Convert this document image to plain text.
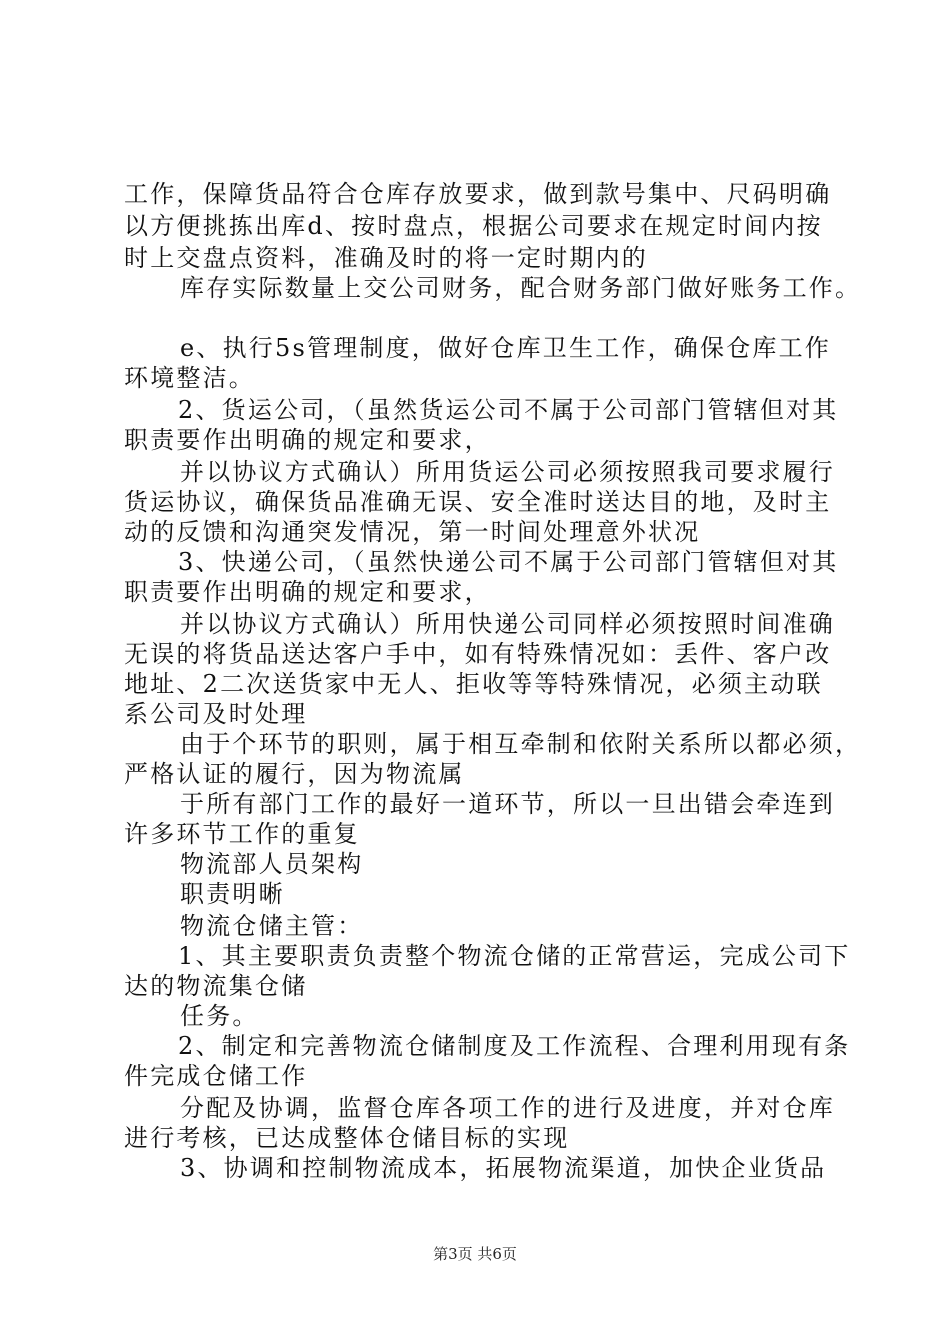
工作，保障货品符合仓库存放要求，做到款号集中、尺码明确
以方便挑拣出库d、按时盘点，根据公司要求在规定时间内按
时上交盘点资料，准确及时的将一定时期内的
库存实际数量上交公司财务，配合财务部门做好账务工作。
e、执行5s管理制度，做好仓库卫生工作，确保仓库工作
环境整洁。
2、货运公司，（虽然货运公司不属于公司部门管辖但对其
职责要作出明确的规定和要求，
并以协议方式确认）所用货运公司必须按照我司要求履行
货运协议，确保货品准确无误、安全准时送达目的地，及时主
动的反馈和沟通突发情况，第一时间处理意外状况
3、快递公司，（虽然快递公司不属于公司部门管辖但对其
职责要作出明确的规定和要求，
并以协议方式确认）所用快递公司同样必须按照时间准确
无误的将货品送达客户手中，如有特殊情况如：丢件、客户改
地址、2二次送货家中无人、拒收等等特殊情况，必须主动联
系公司及时处理
由于个环节的职则，属于相互牵制和依附关系所以都必须，
严格认证的履行，因为物流属
于所有部门工作的最好一道环节，所以一旦出错会牵连到
许多环节工作的重复
物流部人员架构
职责明晰
物流仓储主管：
1、其主要职责负责整个物流仓储的正常营运，完成公司下
达的物流集仓储
任务。
2、制定和完善物流仓储制度及工作流程、合理利用现有条
件完成仓储工作
分配及协调，监督仓库各项工作的进行及进度，并对仓库
进行考核，已达成整体仓储目标的实现
3、协调和控制物流成本，拓展物流渠道，加快企业货品
第3页 共6页
